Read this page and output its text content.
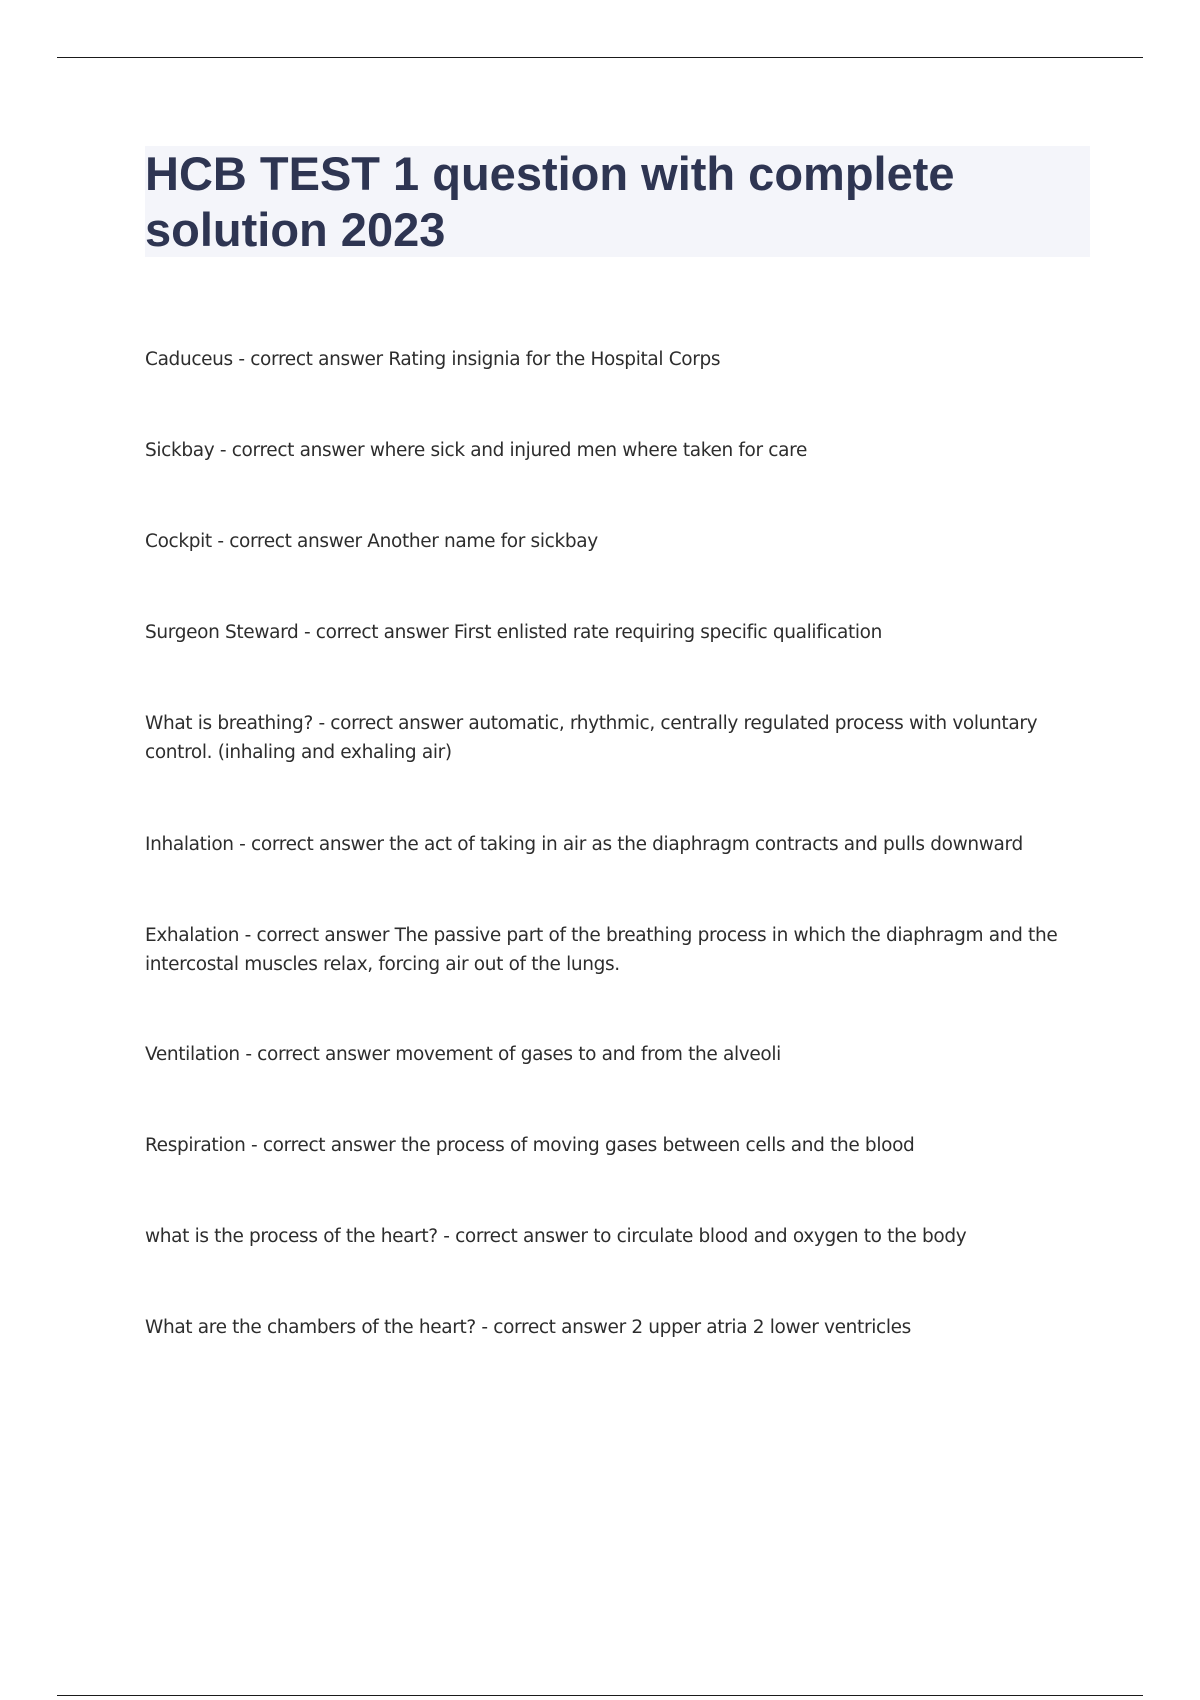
HCB TEST 1 question with complete
solution 2023
Caduceus - correct answer Rating insignia for the Hospital Corps
Sickbay - correct answer where sick and injured men where taken for care
Cockpit - correct answer Another name for sickbay
Surgeon Steward - correct answer First enlisted rate requiring specific qualification
What is breathing? - correct answer automatic, rhythmic, centrally regulated process with voluntary
control. (inhaling and exhaling air)
Inhalation - correct answer the act of taking in air as the diaphragm contracts and pulls downward
Exhalation - correct answer The passive part of the breathing process in which the diaphragm and the
intercostal muscles relax, forcing air out of the lungs.
Ventilation - correct answer movement of gases to and from the alveoli
Respiration - correct answer the process of moving gases between cells and the blood
what is the process of the heart? - correct answer to circulate blood and oxygen to the body
What are the chambers of the heart? - correct answer 2 upper atria 2 lower ventricles
